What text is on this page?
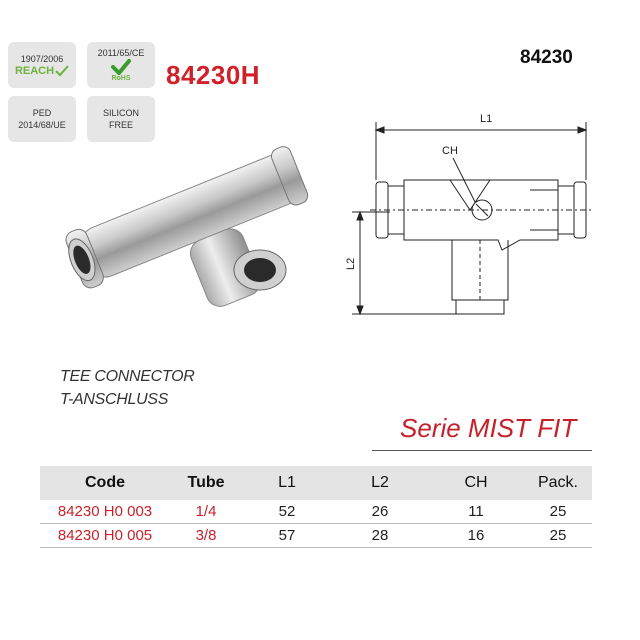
1907/2006
REACH
2011/65/CE
RoHS
PED
2014/68/UE
SILICON
FREE
84230H
84230
L1
CH
L2
TEE CONNECTOR
T-ANSCHLUSS
Serie MIST FIT
Code	Tube	L1	L2	CH	Pack.
84230 H0 003	1/4	52	26	11	25
84230 H0 005	3/8	57	28	16	25
